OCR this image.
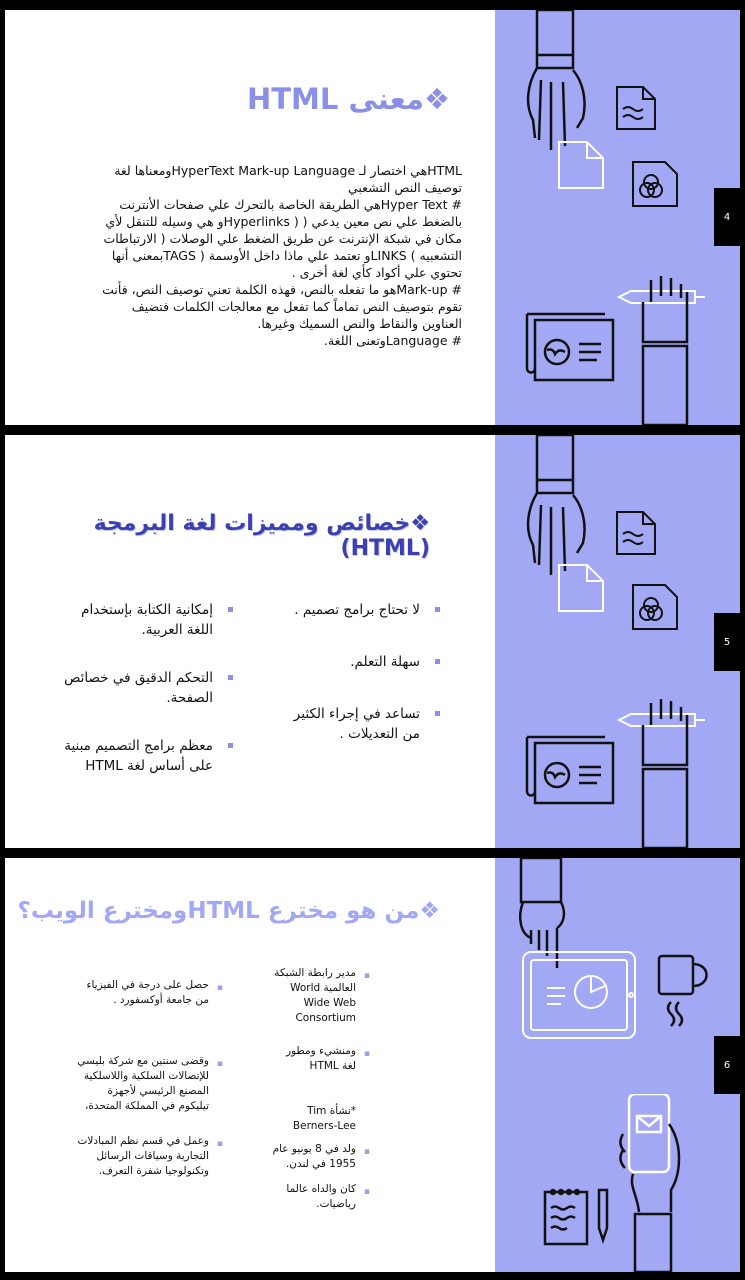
4
❖معنى HTML

HTMLهي اختصار لـ HyperText Mark-up Languageومعناها لغة توصيف النص التشعبي

# Hyper Textهي الطريقة الخاصة بالتحرك علي صفحات الأنترنت بالضغط علي نص معين يدعي ( ( Hyperlinksو هي وسيله للتنقل لأي مكان في شبكة الإنترنت عن طريق الضغط علي الوصلات ( الارتباطات التشعبيه ) LINKSو تعتمد علي ماذا داخل الأوسمة ( TAGSبمعنى أنها تحتوي علي أكواد كأي لغة أخرى .

# Mark-upهو ما تفعله بالنص، فهذه الكلمة تعني توصيف النص، فأنت تقوم بتوصيف النص تماماً كما تفعل مع معالجات الكلمات فتضيف العناوين والنقاط والنص السميك وغيرها.

# Languageوتعنى اللغة.

5
❖خصائص ومميزات لغة البرمجة (HTML)
لا تحتاج برامج تصميم .
سهلة التعلم.
تساعد في إجراء الكثير من التعديلات .
إمكانية الكتابة بإستخدام اللغة العربية.
التحكم الدقيق في خصائص الصفحة.
معظم برامج التصميم مبنية على أساس لغة HTML
6
❖من هو مخترع HTMLومخترع الويب؟
▪
مدير رابطة الشبكة العالمية World Wide Web Consortium
▪
ومنشيء ومطور لغة HTML
*نشأة Tim Berners-Lee
▪
ولد في 8 يونيو عام 1955 في لندن.
▪
كان والداه عالما رياضيات.
▪
حصل على درجة في الفيزياء من جامعة أوكسفورد .
▪
وقضى سنتين مع شركة بليسي للإتصالات السلكية واللاسلكية المصنع الرئيسي لأجهزة تيليكوم في المملكة المتحدة،
▪
وعمل في قسم نظم المبادلات التجارية وسياقات الرسائل وتكنولوجيا شفرة التعرف.
